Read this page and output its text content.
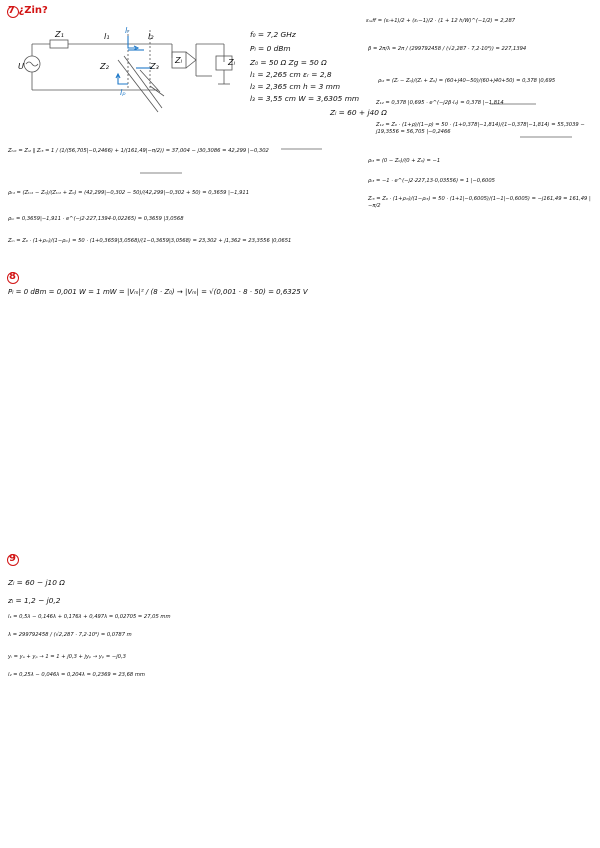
7 ¿Zin?
Z₁	l₁	l₂
lᵣ
Z₂	Z₃
Zₗ	Zₗ
lₚ
U
f₀ = 7,2 GHz
Pₗ = 0 dBm
Z₀ = 50 Ω Zg = 50 Ω
l₁ = 2,265 cm εᵣ = 2,8
l₂ = 2,365 cm h = 3 mm
l₃ = 3,55 cm W = 3,6305 mm
Zₗ = 60 + j40 Ω
εᵣₑff = (εᵣ+1)/2 + (εᵣ−1)/2 · (1 + 12 h/W)^(−1/2) = 2,287
β = 2π/λ = 2π / (299792458 / (√2,287 · 7,2·10⁹)) = 227,1394
ρₗ₂ = (Zₗ − Z₀)/(Zₗ + Z₀) = (60+j40−50)/(60+j40+50) = 0,378 |0,695
Z₁₂ = 0,378 |0,695 · e^(−j2β·l₂) = 0,378 |−1,814
Z₁₂ = Z₀ · (1+ρ)/(1−ρ) = 50 · (1+0,378|−1,814)/(1−0,378|−1,814) = 55,3039 − j19,3556 = 56,705 |−0,2466
ρₗ₃ = (0 − Z₀)/(0 + Z₀) = −1
ρᵢ₃ = −1 · e^(−j2·227,13·0,03556) = 1 |−0,6005
Zᵢ₃ = Z₀ · (1+ρᵢ₃)/(1−ρᵢ₃) = 50 · (1+1|−0,6005)/(1−1|−0,6005) = −j161,49 = 161,49 |−π/2
Zₜₒₜ = Zᵢ₂ ∥ Zᵢ₃ = 1 / (1/(56,705|−0,2466) + 1/(161,49|−π/2)) = 37,004 − j30,3086 = 42,299 |−0,302
ρₜ₁ = (Zₜₒₜ − Z₀)/(Zₜₒₜ + Z₀) = (42,299|−0,302 − 50)/(42,299|−0,302 + 50) = 0,3659 |−1,911
ρᵢₙ = 0,3659|−1,911 · e^(−j2·227,1394·0,02265) = 0,3659 |3,0568
Zᵢₙ = Z₀ · (1+ρᵢₙ)/(1−ρᵢₙ) = 50 · (1+0,3659|3,0568)/(1−0,3659|3,0568) = 23,302 + j1,362 = 23,3556 |0,0651
8
Pₗ = 0 dBm = 0,001 W = 1 mW = |Vₘ|² / (8 · Z₀) → |Vₘ| = √(0,001 · 8 · 50) = 0,6325 V
9
Zₗ = 60 − j10 Ω
zₗ = 1,2 − j0,2
l₁ = 0,5λ − 0,146λ + 0,176λ + 0,497λ = 0,02705 = 27,05 mm
λ = 299792458 / (√2,287 · 7,2·10⁹) = 0,0787 m
yᵢ = yₐ + yₚ → 1 = 1 + j0,3 + jyₚ → yₚ = −j0,3
l₂ = 0,25λ − 0,046λ = 0,204λ = 0,2369 = 23,68 mm
